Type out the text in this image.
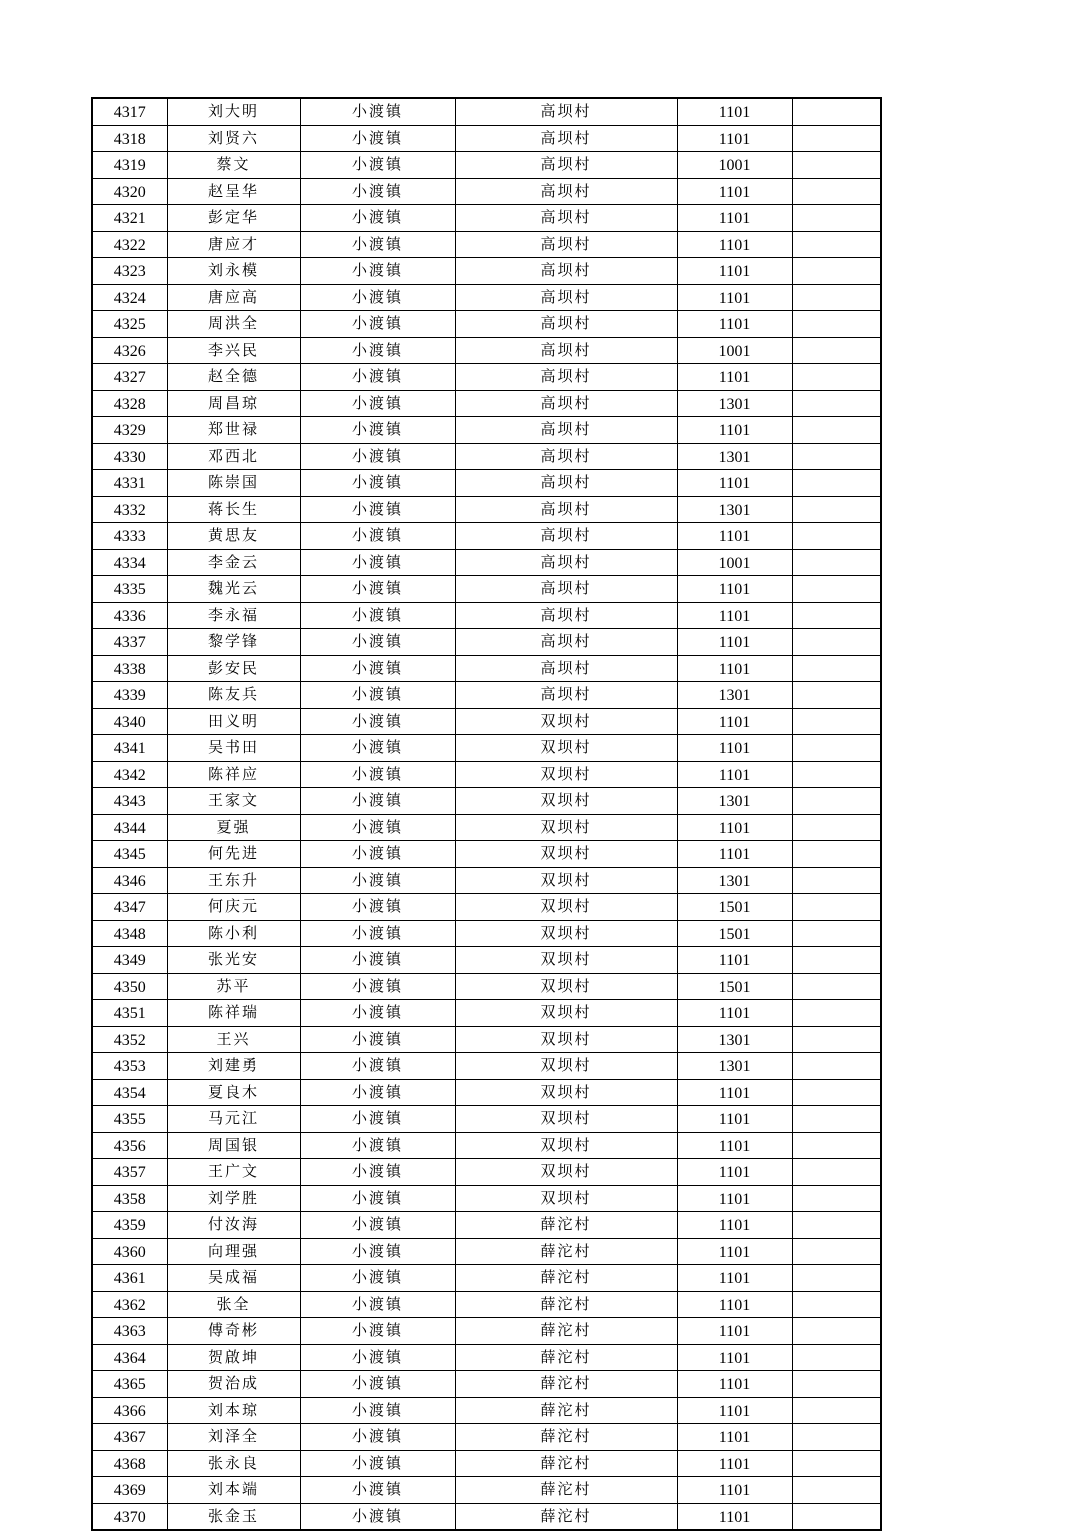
4317	刘大明	小渡镇	高坝村	1101	
4318	刘贤六	小渡镇	高坝村	1101	
4319	蔡文	小渡镇	高坝村	1001	
4320	赵呈华	小渡镇	高坝村	1101	
4321	彭定华	小渡镇	高坝村	1101	
4322	唐应才	小渡镇	高坝村	1101	
4323	刘永模	小渡镇	高坝村	1101	
4324	唐应高	小渡镇	高坝村	1101	
4325	周洪全	小渡镇	高坝村	1101	
4326	李兴民	小渡镇	高坝村	1001	
4327	赵全德	小渡镇	高坝村	1101	
4328	周昌琼	小渡镇	高坝村	1301	
4329	郑世禄	小渡镇	高坝村	1101	
4330	邓西北	小渡镇	高坝村	1301	
4331	陈崇国	小渡镇	高坝村	1101	
4332	蒋长生	小渡镇	高坝村	1301	
4333	黄思友	小渡镇	高坝村	1101	
4334	李金云	小渡镇	高坝村	1001	
4335	魏光云	小渡镇	高坝村	1101	
4336	李永福	小渡镇	高坝村	1101	
4337	黎学锋	小渡镇	高坝村	1101	
4338	彭安民	小渡镇	高坝村	1101	
4339	陈友兵	小渡镇	高坝村	1301	
4340	田义明	小渡镇	双坝村	1101	
4341	吴书田	小渡镇	双坝村	1101	
4342	陈祥应	小渡镇	双坝村	1101	
4343	王家文	小渡镇	双坝村	1301	
4344	夏强	小渡镇	双坝村	1101	
4345	何先进	小渡镇	双坝村	1101	
4346	王东升	小渡镇	双坝村	1301	
4347	何庆元	小渡镇	双坝村	1501	
4348	陈小利	小渡镇	双坝村	1501	
4349	张光安	小渡镇	双坝村	1101	
4350	苏平	小渡镇	双坝村	1501	
4351	陈祥瑞	小渡镇	双坝村	1101	
4352	王兴	小渡镇	双坝村	1301	
4353	刘建勇	小渡镇	双坝村	1301	
4354	夏良木	小渡镇	双坝村	1101	
4355	马元江	小渡镇	双坝村	1101	
4356	周国银	小渡镇	双坝村	1101	
4357	王广文	小渡镇	双坝村	1101	
4358	刘学胜	小渡镇	双坝村	1101	
4359	付汝海	小渡镇	薛沱村	1101	
4360	向理强	小渡镇	薛沱村	1101	
4361	吴成福	小渡镇	薛沱村	1101	
4362	张全	小渡镇	薛沱村	1101	
4363	傅奇彬	小渡镇	薛沱村	1101	
4364	贺啟坤	小渡镇	薛沱村	1101	
4365	贺治成	小渡镇	薛沱村	1101	
4366	刘本琼	小渡镇	薛沱村	1101	
4367	刘泽全	小渡镇	薛沱村	1101	
4368	张永良	小渡镇	薛沱村	1101	
4369	刘本端	小渡镇	薛沱村	1101	
4370	张金玉	小渡镇	薛沱村	1101	
